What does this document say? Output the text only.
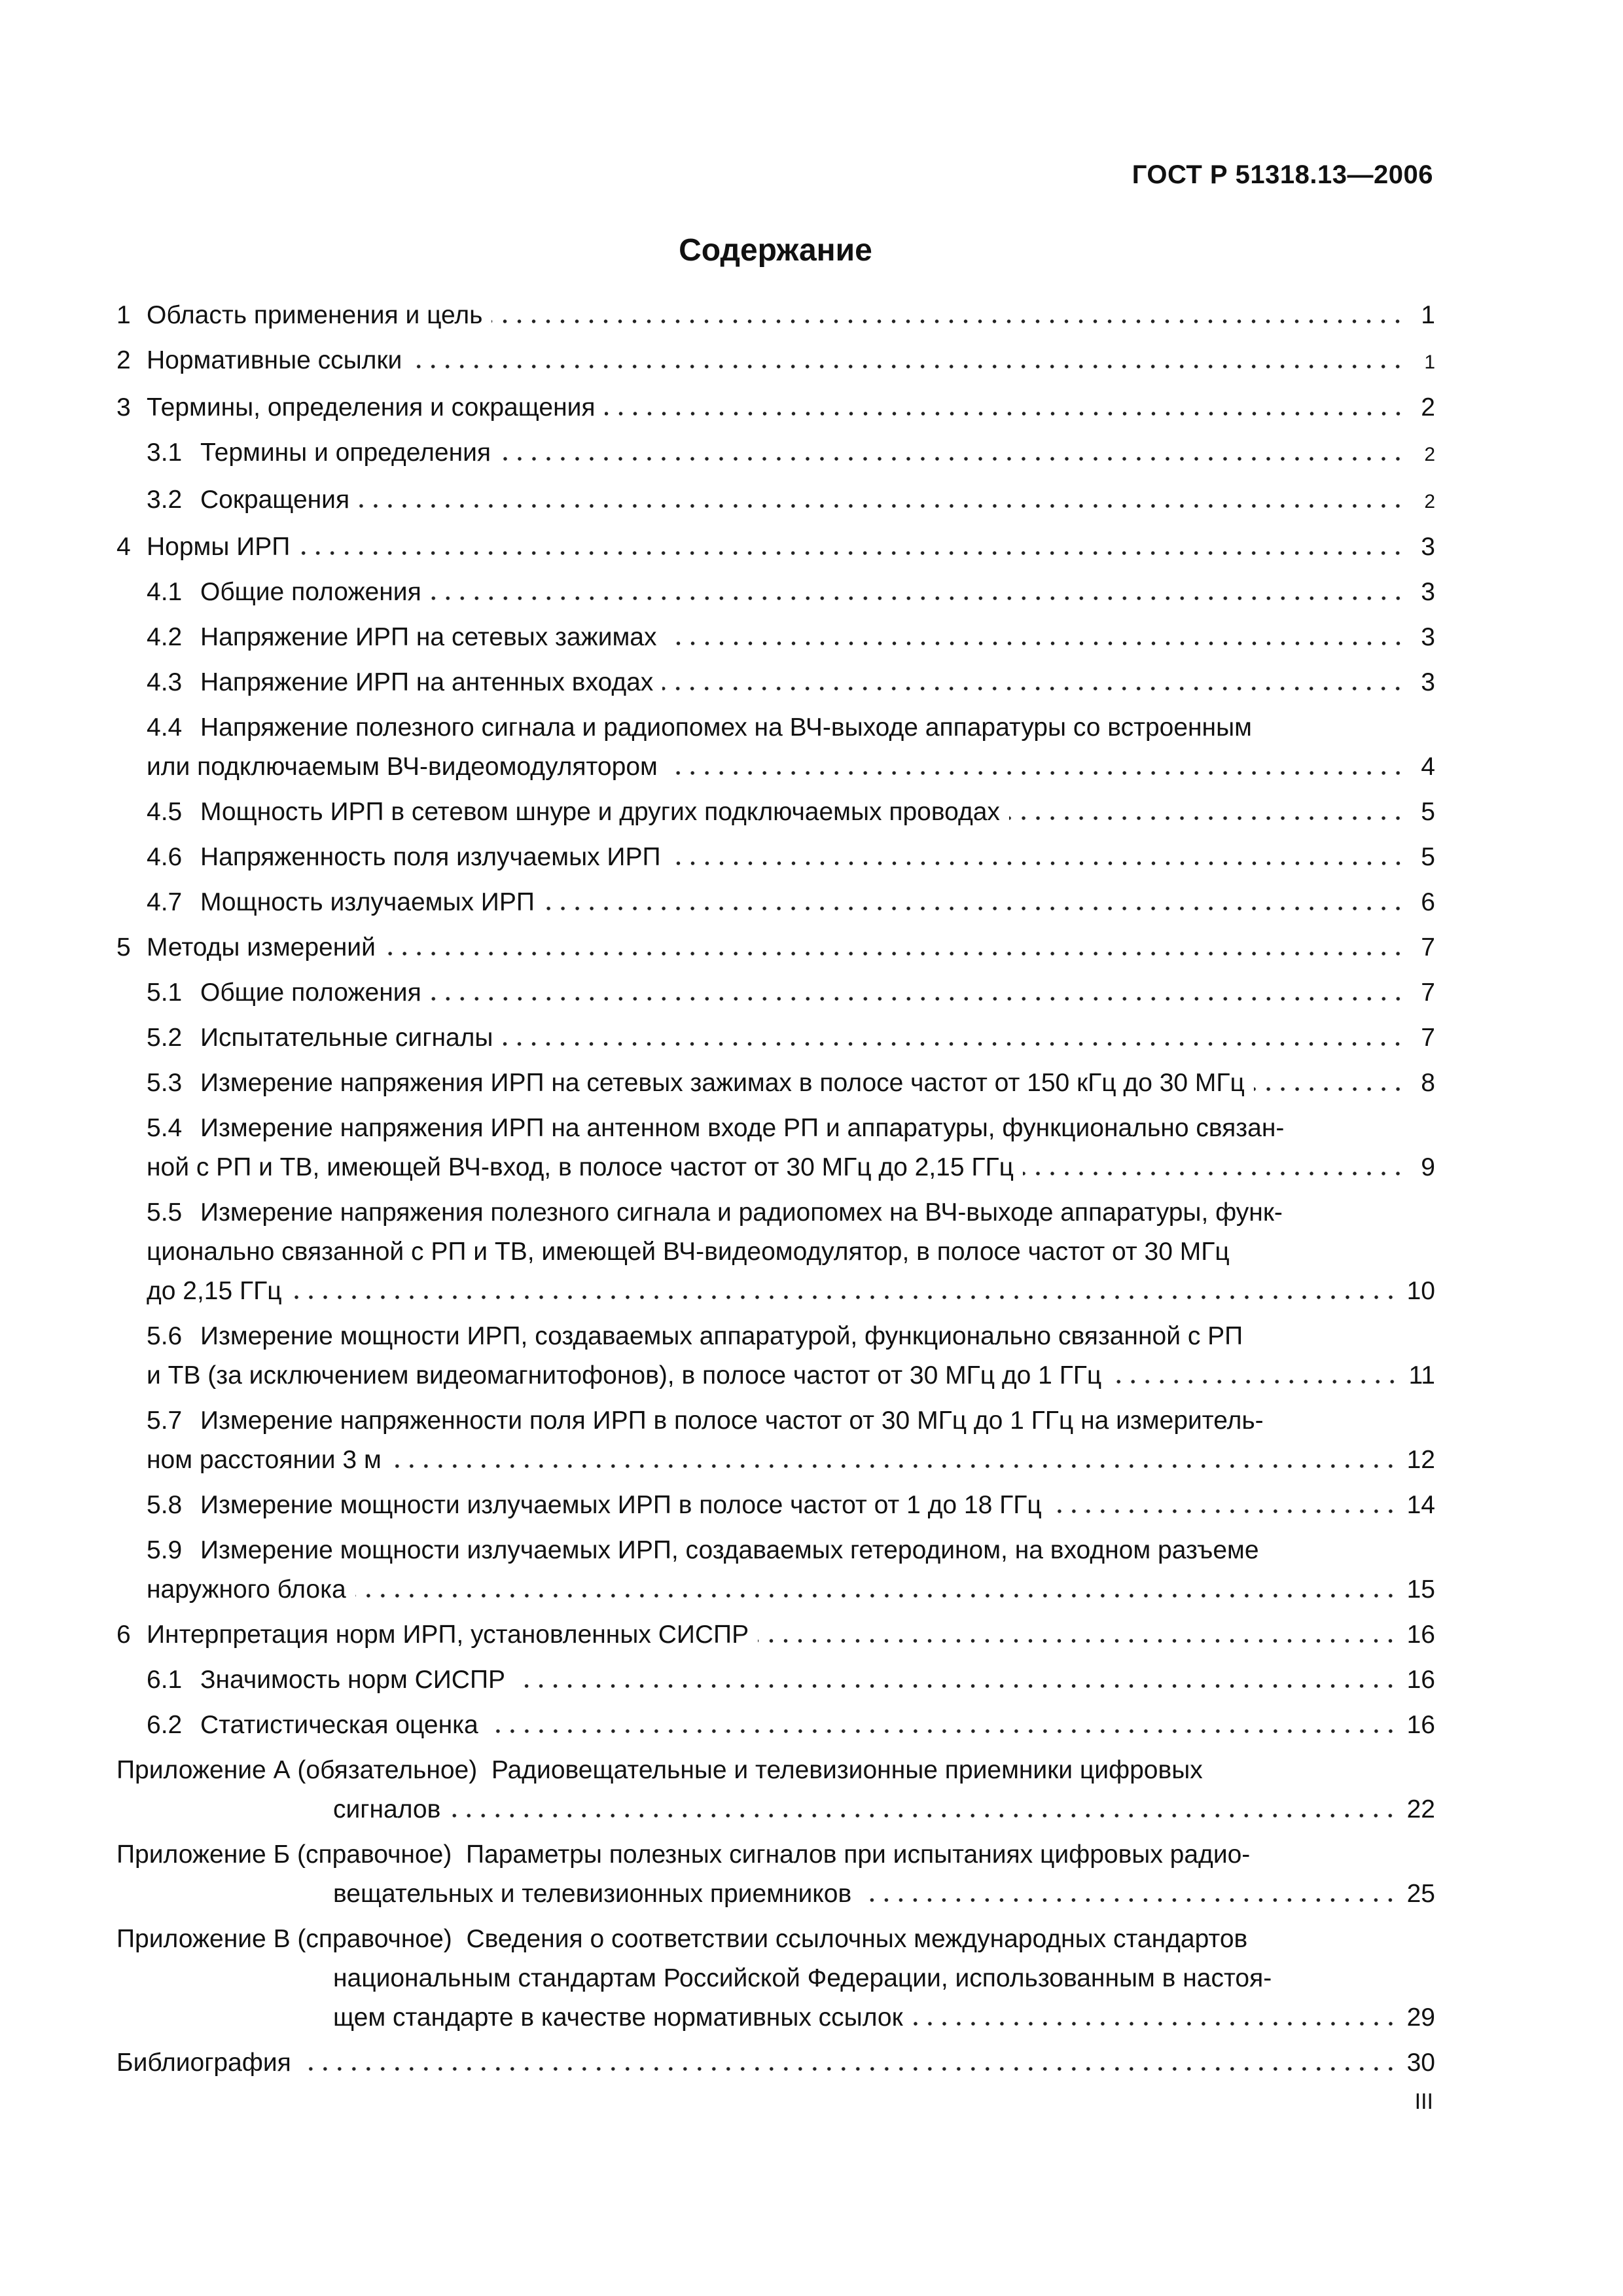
ГОСТ Р 51318.13—2006
Содержание
1 Область применения и цель	1
2 Нормативные ссылки	1
3 Термины, определения и сокращения	2
3.1 Термины и определения	2
3.2 Сокращения	2
4 Нормы ИРП	3
4.1 Общие положения	3
4.2 Напряжение ИРП на сетевых зажимах	3
4.3 Напряжение ИРП на антенных входах	3
4.4 Напряжение полезного сигнала и радиопомех на ВЧ-выходе аппаратуры со встроенным
или подключаемым ВЧ-видеомодулятором	4
4.5 Мощность ИРП в сетевом шнуре и других подключаемых проводах	5
4.6 Напряженность поля излучаемых ИРП	5
4.7 Мощность излучаемых ИРП	6
5 Методы измерений	7
5.1 Общие положения	7
5.2 Испытательные сигналы	7
5.3 Измерение напряжения ИРП на сетевых зажимах в полосе частот от 150 кГц до 30 МГц	8
5.4 Измерение напряжения ИРП на антенном входе РП и аппаратуры, функционально связан-
ной с РП и ТВ, имеющей ВЧ-вход, в полосе частот от 30 МГц до 2,15 ГГц	9
5.5 Измерение напряжения полезного сигнала и радиопомех на ВЧ-выходе аппаратуры, функ-
ционально связанной с РП и ТВ, имеющей ВЧ-видеомодулятор, в полосе частот от 30 МГц
до 2,15 ГГц	10
5.6 Измерение мощности ИРП, создаваемых аппаратурой, функционально связанной с РП
и ТВ (за исключением видеомагнитофонов), в полосе частот от 30 МГц до 1 ГГц	11
5.7 Измерение напряженности поля ИРП в полосе частот от 30 МГц до 1 ГГц на измеритель-
ном расстоянии 3 м	12
5.8 Измерение мощности излучаемых ИРП в полосе частот от 1 до 18 ГГц	14
5.9 Измерение мощности излучаемых ИРП, создаваемых гетеродином, на входном разъеме
наружного блока	15
6 Интерпретация норм ИРП, установленных СИСПР	16
6.1 Значимость норм СИСПР	16
6.2 Статистическая оценка	16
Приложение А (обязательное)
Радиовещательные и телевизионные приемники цифровых
сигналов	22
Приложение Б (справочное)
Параметры полезных сигналов при испытаниях цифровых радио-
вещательных и телевизионных приемников	25
Приложение В (справочное)
Сведения о соответствии ссылочных международных стандартов
национальным стандартам Российской Федерации, использованным в настоя-
щем стандарте в качестве нормативных ссылок	29
Библиография	30
III
